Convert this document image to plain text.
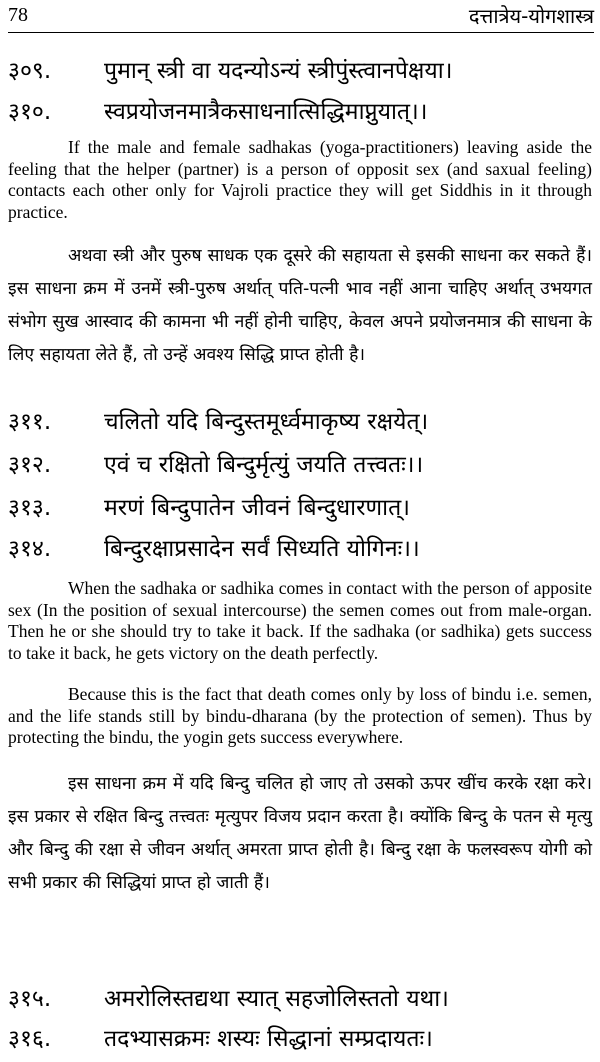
78	दत्तात्रेय-योगशास्त्र
३०९. पुमान् स्त्री वा यदन्योऽन्यं स्त्रीपुंस्त्वानपेक्षया।
३१०. स्वप्रयोजनमात्रैकसाधनात्सिद्धिमाप्नुयात्।।

If the male and female sadhakas (yoga-practitioners) leaving aside the feeling that the helper (partner) is a person of opposit sex (and saxual feeling) contacts each other only for Vajroli practice they will get Siddhis in it through practice.

अथवा स्त्री और पुरुष साधक एक दूसरे की सहायता से इसकी साधना कर सकते हैं। इस साधना क्रम में उनमें स्त्री-पुरुष अर्थात् पति-पत्नी भाव नहीं आना चाहिए अर्थात् उभयगत संभोग सुख आस्वाद की कामना भी नहीं होनी चाहिए, केवल अपने प्रयोजनमात्र की साधना के लिए सहायता लेते हैं, तो उन्हें अवश्य सिद्धि प्राप्त होती है।

३११. चलितो यदि बिन्दुस्तमूर्ध्वमाकृष्य रक्षयेत्।
३१२. एवं च रक्षितो बिन्दुर्मृत्युं जयति तत्त्वतः।।
३१३. मरणं बिन्दुपातेन जीवनं बिन्दुधारणात्।
३१४. बिन्दुरक्षाप्रसादेन सर्वं सिध्यति योगिनः।।

When the sadhaka or sadhika comes in contact with the person of apposite sex (In the position of sexual intercourse) the semen comes out from male-organ. Then he or she should try to take it back. If the sadhaka (or sadhika) gets success to take it back, he gets victory on the death perfectly.

Because this is the fact that death comes only by loss of bindu i.e. semen, and the life stands still by bindu-dharana (by the protection of semen). Thus by protecting the bindu, the yogin gets success everywhere.

इस साधना क्रम में यदि बिन्दु चलित हो जाए तो उसको ऊपर खींच करके रक्षा करे। इस प्रकार से रक्षित बिन्दु तत्त्वतः मृत्युपर विजय प्रदान करता है। क्योंकि बिन्दु के पतन से मृत्यु और बिन्दु की रक्षा से जीवन अर्थात् अमरता प्राप्त होती है। बिन्दु रक्षा के फलस्वरूप योगी को सभी प्रकार की सिद्धियां प्राप्त हो जाती हैं।

३१५. अमरोलिस्तद्यथा स्यात् सहजोलिस्ततो यथा।
३१६. तदभ्यासक्रमः शस्यः सिद्धानां सम्प्रदायतः।
